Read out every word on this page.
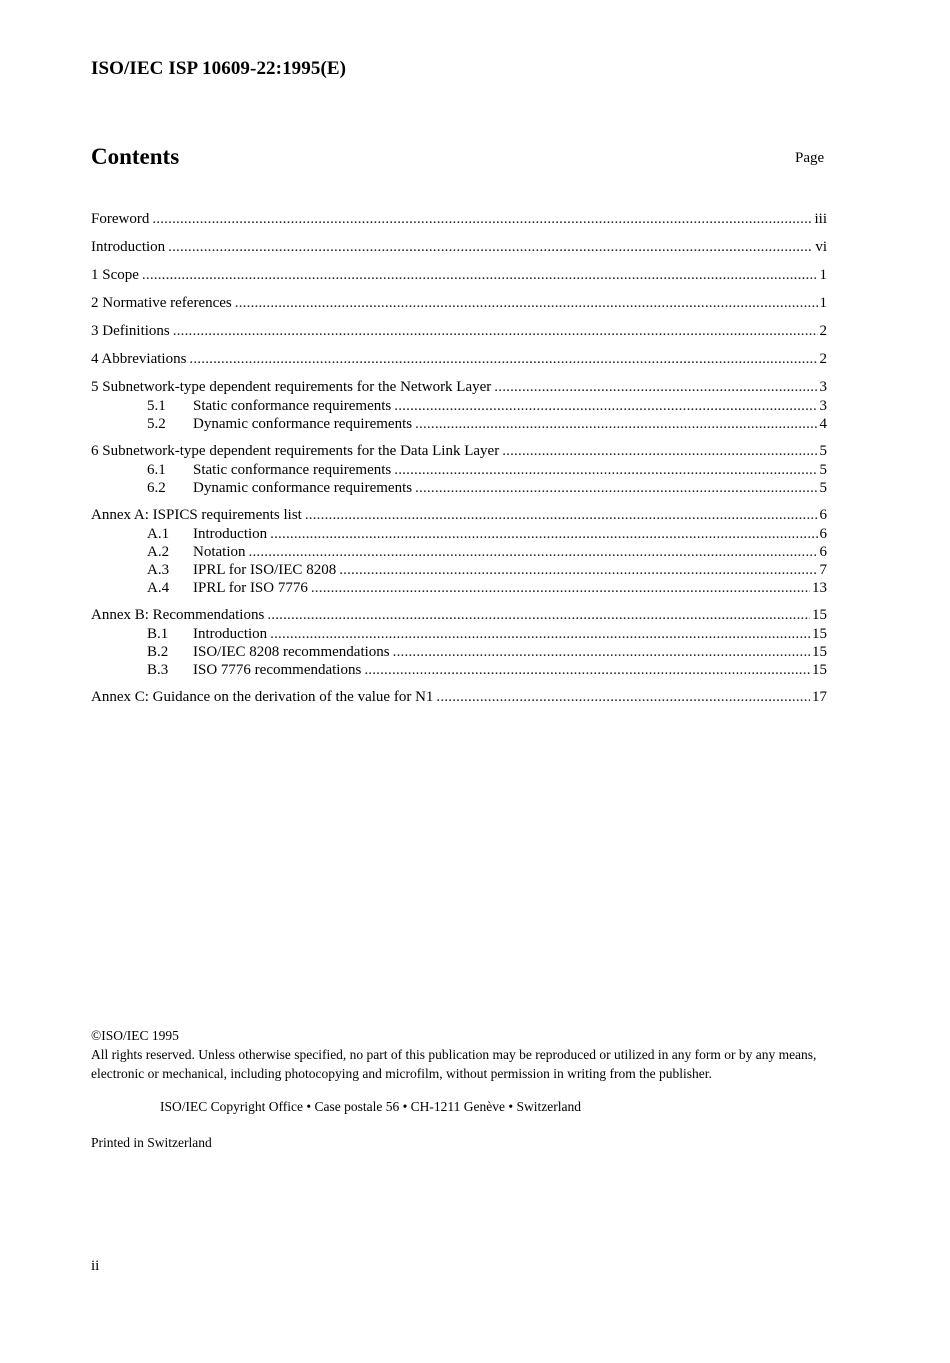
ISO/IEC ISP 10609-22:1995(E)
Contents	Page
Foreword .....	iii
Introduction .....	vi
1 Scope .....	1
2 Normative references .....	1
3 Definitions .....	2
4 Abbreviations .....	2
5 Subnetwork-type dependent requirements for the Network Layer .....	3
5.1	Static conformance requirements .....	3
5.2	Dynamic conformance requirements .....	4
6 Subnetwork-type dependent requirements for the Data Link Layer .....	5
6.1	Static conformance requirements .....	5
6.2	Dynamic conformance requirements .....	5
Annex A: ISPICS requirements list .....	6
A.1	Introduction .....	6
A.2	Notation .....	6
A.3	IPRL for ISO/IEC 8208 .....	7
A.4	IPRL for ISO 7776 .....	13
Annex B: Recommendations .....	15
B.1	Introduction .....	15
B.2	ISO/IEC 8208 recommendations .....	15
B.3	ISO 7776 recommendations .....	15
Annex C: Guidance on the derivation of the value for N1 .....	17
©ISO/IEC 1995
All rights reserved. Unless otherwise specified, no part of this publication may be reproduced or utilized in any form or by any means, electronic or mechanical, including photocopying and microfilm, without permission in writing from the publisher.
ISO/IEC Copyright Office • Case postale 56 • CH-1211 Genève • Switzerland
Printed in Switzerland
ii
